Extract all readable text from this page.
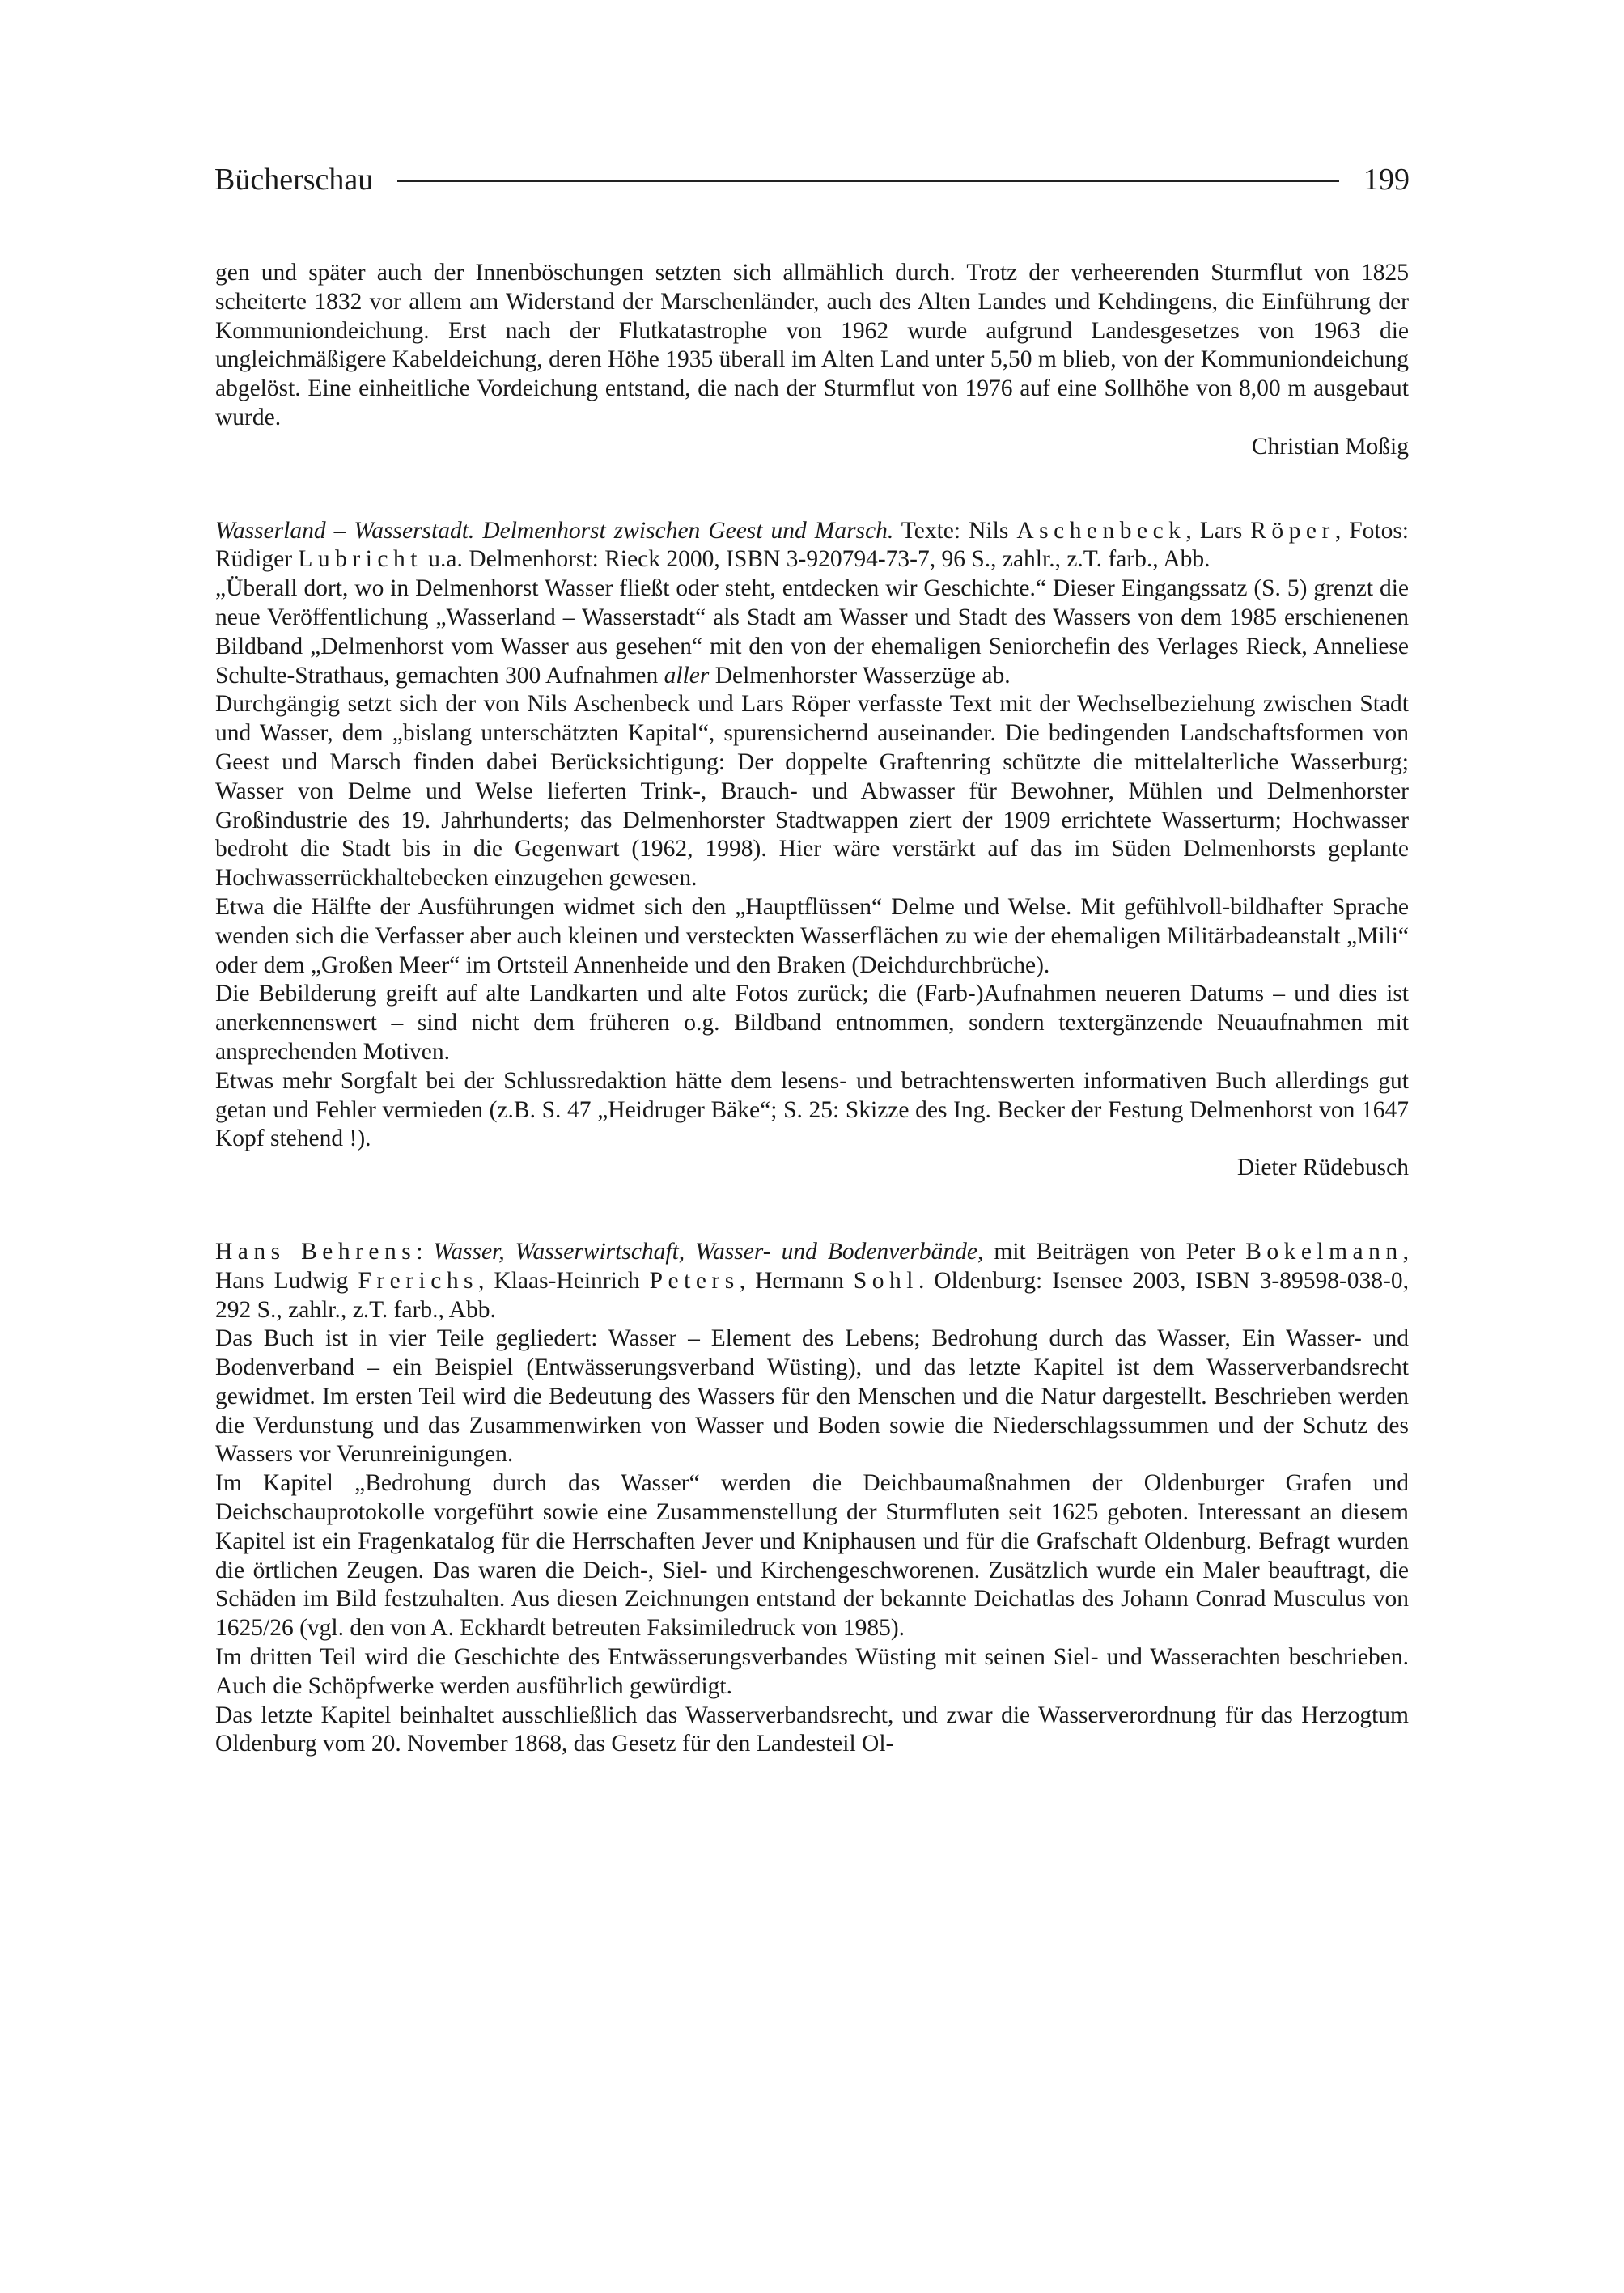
Bücherschau	199

gen und später auch der Innenböschungen setzten sich allmählich durch. Trotz der verheerenden Sturmflut von 1825 scheiterte 1832 vor allem am Widerstand der Marschenländer, auch des Alten Landes und Kehdingens, die Einführung der Kommuniondeichung. Erst nach der Flutkatastrophe von 1962 wurde aufgrund Landesgesetzes von 1963 die ungleichmäßigere Kabeldeichung, deren Höhe 1935 überall im Alten Land unter 5,50 m blieb, von der Kommuniondeichung abgelöst. Eine einheitliche Vordeichung entstand, die nach der Sturmflut von 1976 auf eine Sollhöhe von 8,00 m ausgebaut wurde.

Christian Moßig

Wasserland – Wasserstadt. Delmenhorst zwischen Geest und Marsch. Texte: Nils Aschenbeck, Lars Röper, Fotos: Rüdiger Lubricht u.a. Delmenhorst: Rieck 2000, ISBN 3-920794-73-7, 96 S., zahlr., z.T. farb., Abb.

„Überall dort, wo in Delmenhorst Wasser fließt oder steht, entdecken wir Geschichte.“ Dieser Eingangssatz (S. 5) grenzt die neue Veröffentlichung „Wasserland – Wasserstadt“ als Stadt am Wasser und Stadt des Wassers von dem 1985 erschienenen Bildband „Delmenhorst vom Wasser aus gesehen“ mit den von der ehemaligen Seniorchefin des Verlages Rieck, Anneliese Schulte-Strathaus, gemachten 300 Aufnahmen aller Delmenhorster Wasserzüge ab.

Durchgängig setzt sich der von Nils Aschenbeck und Lars Röper verfasste Text mit der Wechselbeziehung zwischen Stadt und Wasser, dem „bislang unterschätzten Kapital“, spurensichernd auseinander. Die bedingenden Landschaftsformen von Geest und Marsch finden dabei Berücksichtigung: Der doppelte Graftenring schützte die mittelalterliche Wasserburg; Wasser von Delme und Welse lieferten Trink-, Brauch- und Abwasser für Bewohner, Mühlen und Delmenhorster Großindustrie des 19. Jahrhunderts; das Delmenhorster Stadtwappen ziert der 1909 errichtete Wasserturm; Hochwasser bedroht die Stadt bis in die Gegenwart (1962, 1998). Hier wäre verstärkt auf das im Süden Delmenhorsts geplante Hochwasserrückhaltebecken einzugehen gewesen.

Etwa die Hälfte der Ausführungen widmet sich den „Hauptflüssen“ Delme und Welse. Mit gefühlvoll-bildhafter Sprache wenden sich die Verfasser aber auch kleinen und versteckten Wasserflächen zu wie der ehemaligen Militärbadeanstalt „Mili“ oder dem „Großen Meer“ im Ortsteil Annenheide und den Braken (Deichdurchbrüche).

Die Bebilderung greift auf alte Landkarten und alte Fotos zurück; die (Farb-)Aufnahmen neueren Datums – und dies ist anerkennenswert – sind nicht dem früheren o.g. Bildband entnommen, sondern textergänzende Neuaufnahmen mit ansprechenden Motiven.

Etwas mehr Sorgfalt bei der Schlussredaktion hätte dem lesens- und betrachtenswerten informativen Buch allerdings gut getan und Fehler vermieden (z.B. S. 47 „Heidruger Bäke“; S. 25: Skizze des Ing. Becker der Festung Delmenhorst von 1647 Kopf stehend !).

Dieter Rüdebusch

Hans Behrens: Wasser, Wasserwirtschaft, Wasser- und Bodenverbände, mit Beiträgen von Peter Bokelmann, Hans Ludwig Frerichs, Klaas-Heinrich Peters, Hermann Sohl. Oldenburg: Isensee 2003, ISBN 3-89598-038-0, 292 S., zahlr., z.T. farb., Abb.

Das Buch ist in vier Teile gegliedert: Wasser – Element des Lebens; Bedrohung durch das Wasser, Ein Wasser- und Bodenverband – ein Beispiel (Entwässerungsverband Wüsting), und das letzte Kapitel ist dem Wasserverbandsrecht gewidmet. Im ersten Teil wird die Bedeutung des Wassers für den Menschen und die Natur dargestellt. Beschrieben werden die Verdunstung und das Zusammenwirken von Wasser und Boden sowie die Niederschlagssummen und der Schutz des Wassers vor Verunreinigungen.

Im Kapitel „Bedrohung durch das Wasser“ werden die Deichbaumaßnahmen der Oldenburger Grafen und Deichschauprotokolle vorgeführt sowie eine Zusammenstellung der Sturmfluten seit 1625 geboten. Interessant an diesem Kapitel ist ein Fragenkatalog für die Herrschaften Jever und Kniphausen und für die Grafschaft Oldenburg. Befragt wurden die örtlichen Zeugen. Das waren die Deich-, Siel- und Kirchengeschworenen. Zusätzlich wurde ein Maler beauftragt, die Schäden im Bild festzuhalten. Aus diesen Zeichnungen entstand der bekannte Deichatlas des Johann Conrad Musculus von 1625/26 (vgl. den von A. Eckhardt betreuten Faksimiledruck von 1985).

Im dritten Teil wird die Geschichte des Entwässerungsverbandes Wüsting mit seinen Siel- und Wasserachten beschrieben. Auch die Schöpfwerke werden ausführlich gewürdigt.

Das letzte Kapitel beinhaltet ausschließlich das Wasserverbandsrecht, und zwar die Wasserverordnung für das Herzogtum Oldenburg vom 20. November 1868, das Gesetz für den Landesteil Ol-
